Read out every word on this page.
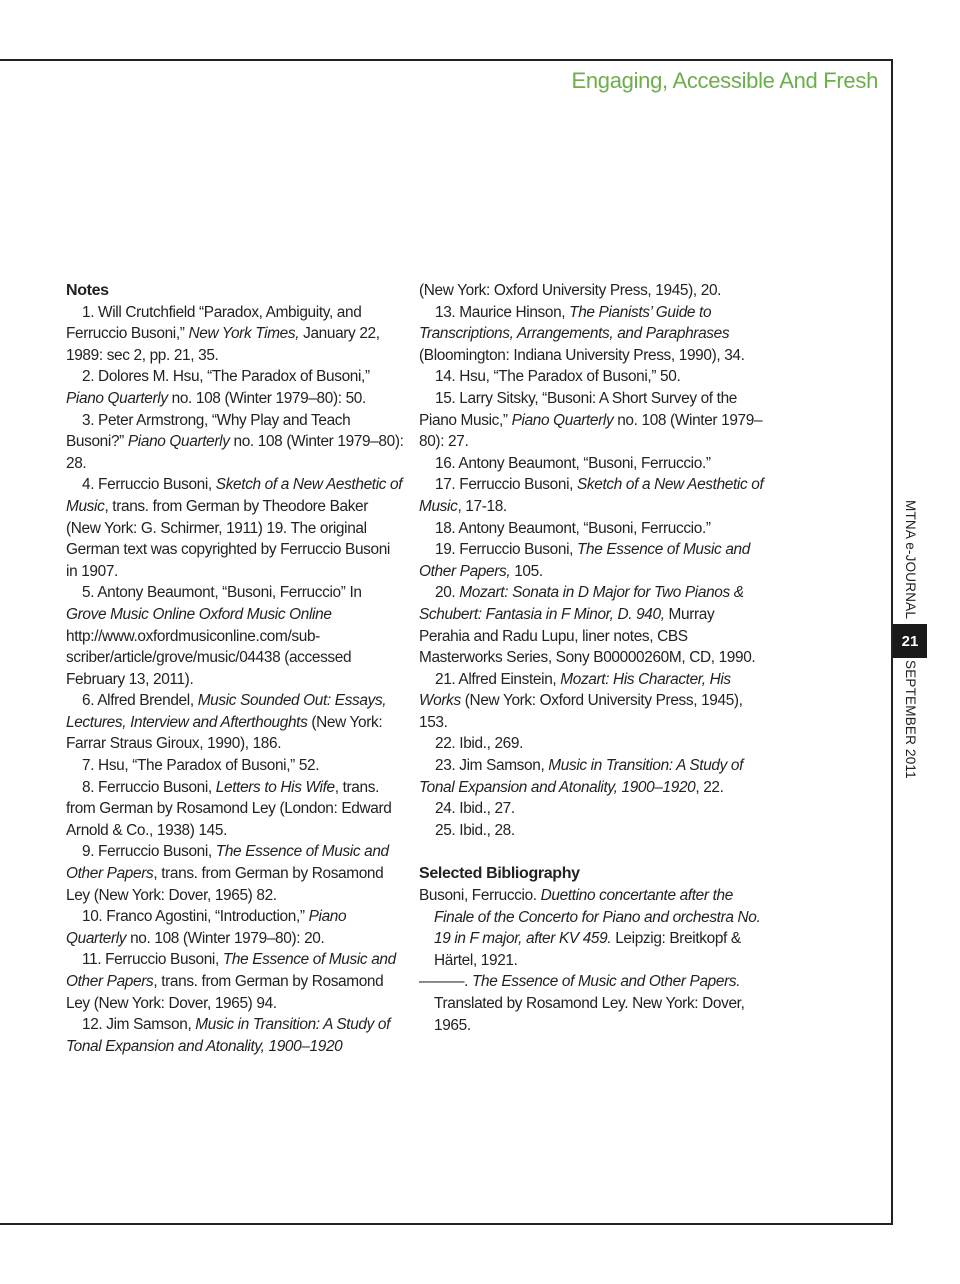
Engaging, Accessible And Fresh
MTNA e-JOURNAL
21
SEPTEMBER 2011
Notes

1. Will Crutchfield “Paradox, Ambiguity, and Ferruccio Busoni,” New York Times, January 22, 1989: sec 2, pp. 21, 35.

2. Dolores M. Hsu, “The Paradox of Busoni,” Piano Quarterly no. 108 (Winter 1979–80): 50.

3. Peter Armstrong, “Why Play and Teach Busoni?” Piano Quarterly no. 108 (Winter 1979–80): 28.

4. Ferruccio Busoni, Sketch of a New Aesthetic of Music, trans. from German by Theodore Baker (New York: G. Schirmer, 1911) 19. The original German text was copyrighted by Ferruccio Busoni in 1907.

5. Antony Beaumont, “Busoni, Ferruccio” In Grove Music Online Oxford Music Online http://www.oxfordmusiconline.com/sub-scriber/article/grove/music/04438 (accessed February 13, 2011).

6. Alfred Brendel, Music Sounded Out: Essays, Lectures, Interview and Afterthoughts (New York: Farrar Straus Giroux, 1990), 186.

7. Hsu, “The Paradox of Busoni,” 52.

8. Ferruccio Busoni, Letters to His Wife, trans. from German by Rosamond Ley (London: Edward Arnold & Co., 1938) 145.

9. Ferruccio Busoni, The Essence of Music and Other Papers, trans. from German by Rosamond Ley (New York: Dover, 1965) 82.

10. Franco Agostini, “Introduction,” Piano Quarterly no. 108 (Winter 1979–80): 20.

11. Ferruccio Busoni, The Essence of Music and Other Papers, trans. from German by Rosamond Ley (New York: Dover, 1965) 94.

12. Jim Samson, Music in Transition: A Study of Tonal Expansion and Atonality, 1900–1920

(New York: Oxford University Press, 1945), 20.

13. Maurice Hinson, The Pianists’ Guide to Transcriptions, Arrangements, and Paraphrases (Bloomington: Indiana University Press, 1990), 34.

14. Hsu, “The Paradox of Busoni,” 50.

15. Larry Sitsky, “Busoni: A Short Survey of the Piano Music,” Piano Quarterly no. 108 (Winter 1979–80): 27.

16. Antony Beaumont, “Busoni, Ferruccio.”

17. Ferruccio Busoni, Sketch of a New Aesthetic of Music, 17-18.

18. Antony Beaumont, “Busoni, Ferruccio.”

19. Ferruccio Busoni, The Essence of Music and Other Papers, 105.

20. Mozart: Sonata in D Major for Two Pianos & Schubert: Fantasia in F Minor, D. 940, Murray Perahia and Radu Lupu, liner notes, CBS Masterworks Series, Sony B00000260M, CD, 1990.

21. Alfred Einstein, Mozart: His Character, His Works (New York: Oxford University Press, 1945), 153.

22. Ibid., 269.

23. Jim Samson, Music in Transition: A Study of Tonal Expansion and Atonality, 1900–1920, 22.

24. Ibid., 27.

25. Ibid., 28.

Selected Bibliography

Busoni, Ferruccio. Duettino concertante after the Finale of the Concerto for Piano and orchestra No. 19 in F major, after KV 459. Leipzig: Breitkopf & Härtel, 1921.

———. The Essence of Music and Other Papers. Translated by Rosamond Ley. New York: Dover, 1965.
